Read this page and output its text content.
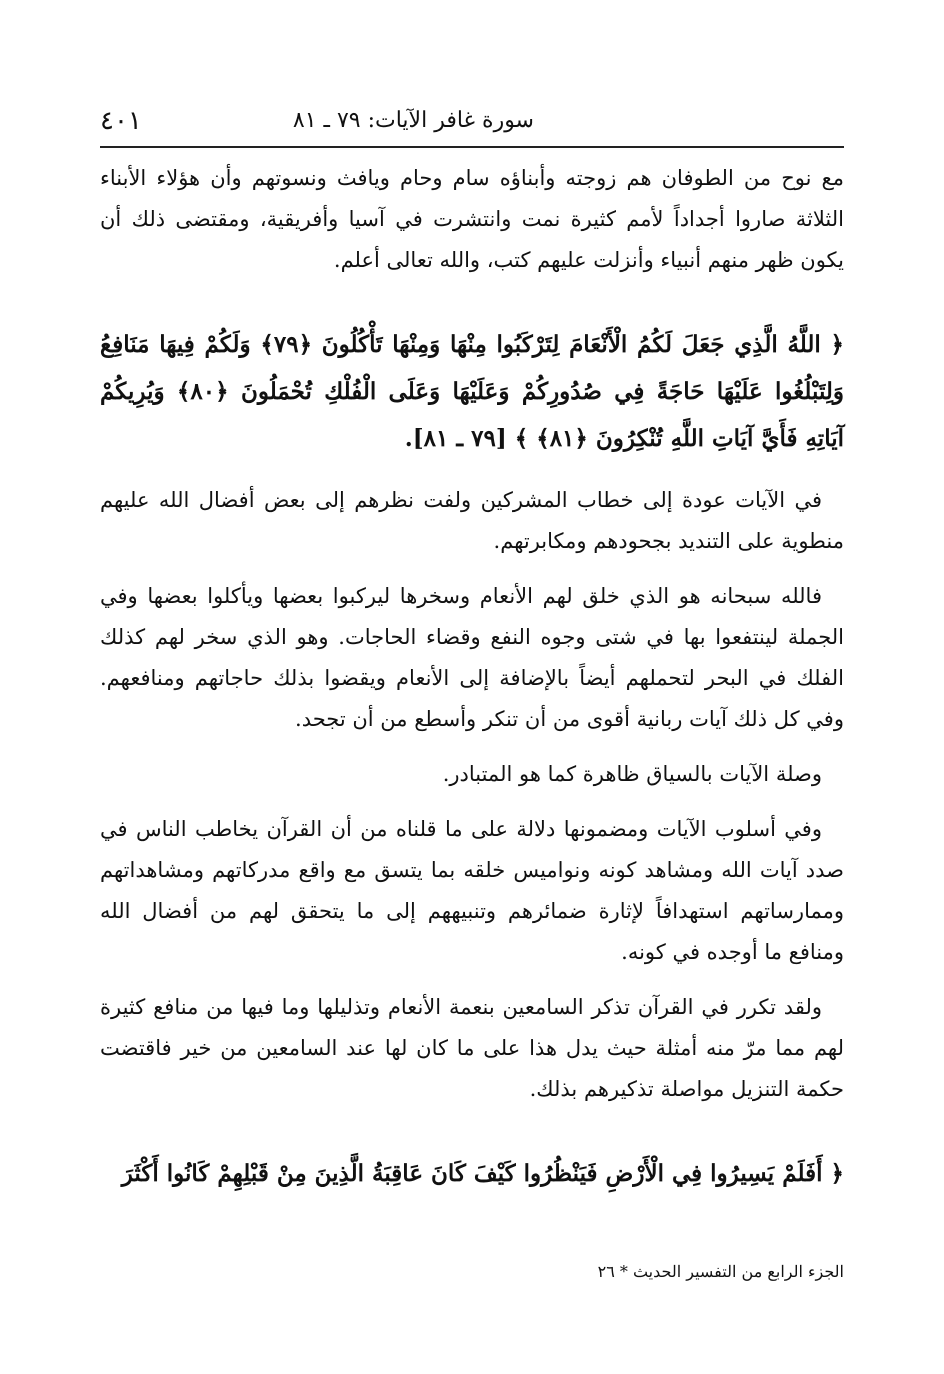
سورة غافر الآيات: ٧٩ ـ ٨١
٤٠١

مع نوح من الطوفان هم زوجته وأبناؤه سام وحام ويافث ونسوتهم وأن هؤلاء الأبناء الثلاثة صاروا أجداداً لأمم كثيرة نمت وانتشرت في آسيا وأفريقية، ومقتضى ذلك أن يكون ظهر منهم أنبياء وأنزلت عليهم كتب، والله تعالى أعلم.

﴿ اللَّهُ الَّذِي جَعَلَ لَكُمُ الْأَنْعَامَ لِتَرْكَبُوا مِنْهَا وَمِنْهَا تَأْكُلُونَ ﴿٧٩﴾ وَلَكُمْ فِيهَا مَنَافِعُ وَلِتَبْلُغُوا عَلَيْهَا حَاجَةً فِي صُدُورِكُمْ وَعَلَيْهَا وَعَلَى الْفُلْكِ تُحْمَلُونَ ﴿٨٠﴾ وَيُرِيكُمْ آيَاتِهِ فَأَيَّ آيَاتِ اللَّهِ تُنْكِرُونَ ﴿٨١﴾ ﴾ [٧٩ ـ ٨١].

في الآيات عودة إلى خطاب المشركين ولفت نظرهم إلى بعض أفضال الله عليهم منطوية على التنديد بجحودهم ومكابرتهم.

فالله سبحانه هو الذي خلق لهم الأنعام وسخرها ليركبوا بعضها ويأكلوا بعضها وفي الجملة لينتفعوا بها في شتى وجوه النفع وقضاء الحاجات. وهو الذي سخر لهم كذلك الفلك في البحر لتحملهم أيضاً بالإضافة إلى الأنعام ويقضوا بذلك حاجاتهم ومنافعهم. وفي كل ذلك آيات ربانية أقوى من أن تنكر وأسطع من أن تجحد.

وصلة الآيات بالسياق ظاهرة كما هو المتبادر.

وفي أسلوب الآيات ومضمونها دلالة على ما قلناه من أن القرآن يخاطب الناس في صدد آيات الله ومشاهد كونه ونواميس خلقه بما يتسق مع واقع مدركاتهم ومشاهداتهم وممارساتهم استهدافاً لإثارة ضمائرهم وتنبيههم إلى ما يتحقق لهم من أفضال الله ومنافع ما أوجده في كونه.

ولقد تكرر في القرآن تذكر السامعين بنعمة الأنعام وتذليلها وما فيها من منافع كثيرة لهم مما مرّ منه أمثلة حيث يدل هذا على ما كان لها عند السامعين من خير فاقتضت حكمة التنزيل مواصلة تذكيرهم بذلك.

﴿ أَفَلَمْ يَسِيرُوا فِي الْأَرْضِ فَيَنْظُرُوا كَيْفَ كَانَ عَاقِبَةُ الَّذِينَ مِنْ قَبْلِهِمْ كَانُوا أَكْثَرَ

الجزء الرابع من التفسير الحديث * ٢٦
